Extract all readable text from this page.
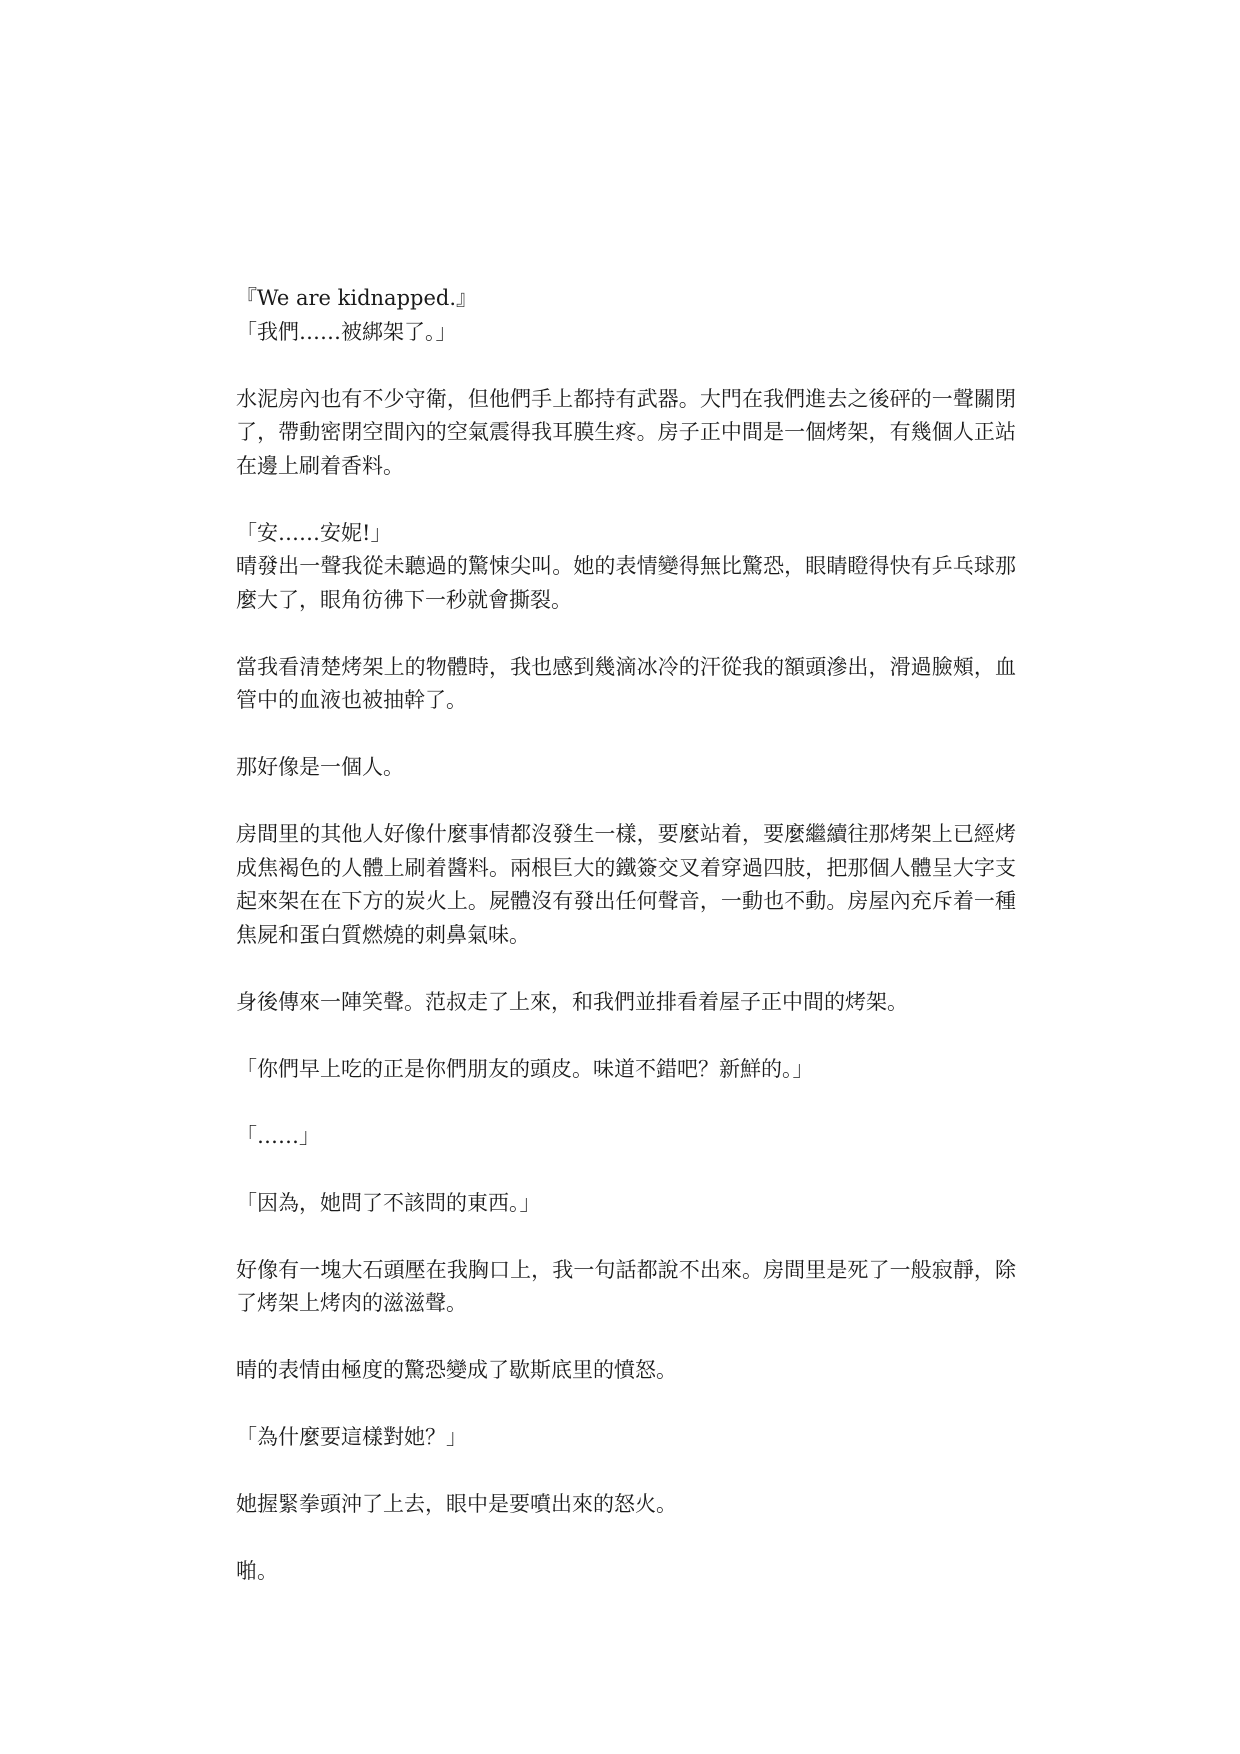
『We are kidnapped.』

「我們……被綁架了。」

水泥房內也有不少守衛，但他們手上都持有武器。大門在我們進去之後砰的一聲關閉了，帶動密閉空間內的空氣震得我耳膜生疼。房子正中間是一個烤架，有幾個人正站在邊上刷着香料。

「安……安妮!」

晴發出一聲我從未聽過的驚悚尖叫。她的表情變得無比驚恐，眼睛瞪得快有乒乓球那麼大了，眼角彷彿下一秒就會撕裂。

當我看清楚烤架上的物體時，我也感到幾滴冰冷的汗從我的額頭滲出，滑過臉頰，血管中的血液也被抽幹了。

那好像是一個人。

房間里的其他人好像什麼事情都沒發生一樣，要麼站着，要麼繼續往那烤架上已經烤成焦褐色的人體上刷着醬料。兩根巨大的鐵簽交叉着穿過四肢，把那個人體呈大字支起來架在在下方的炭火上。屍體沒有發出任何聲音，一動也不動。房屋內充斥着一種焦屍和蛋白質燃燒的刺鼻氣味。

身後傳來一陣笑聲。范叔走了上來，和我們並排看着屋子正中間的烤架。

「你們早上吃的正是你們朋友的頭皮。味道不錯吧？新鮮的。」

「……」

「因為，她問了不該問的東西。」

好像有一塊大石頭壓在我胸口上，我一句話都說不出來。房間里是死了一般寂靜，除了烤架上烤肉的滋滋聲。

晴的表情由極度的驚恐變成了歇斯底里的憤怒。

「為什麼要這樣對她？」

她握緊拳頭沖了上去，眼中是要噴出來的怒火。

啪。
